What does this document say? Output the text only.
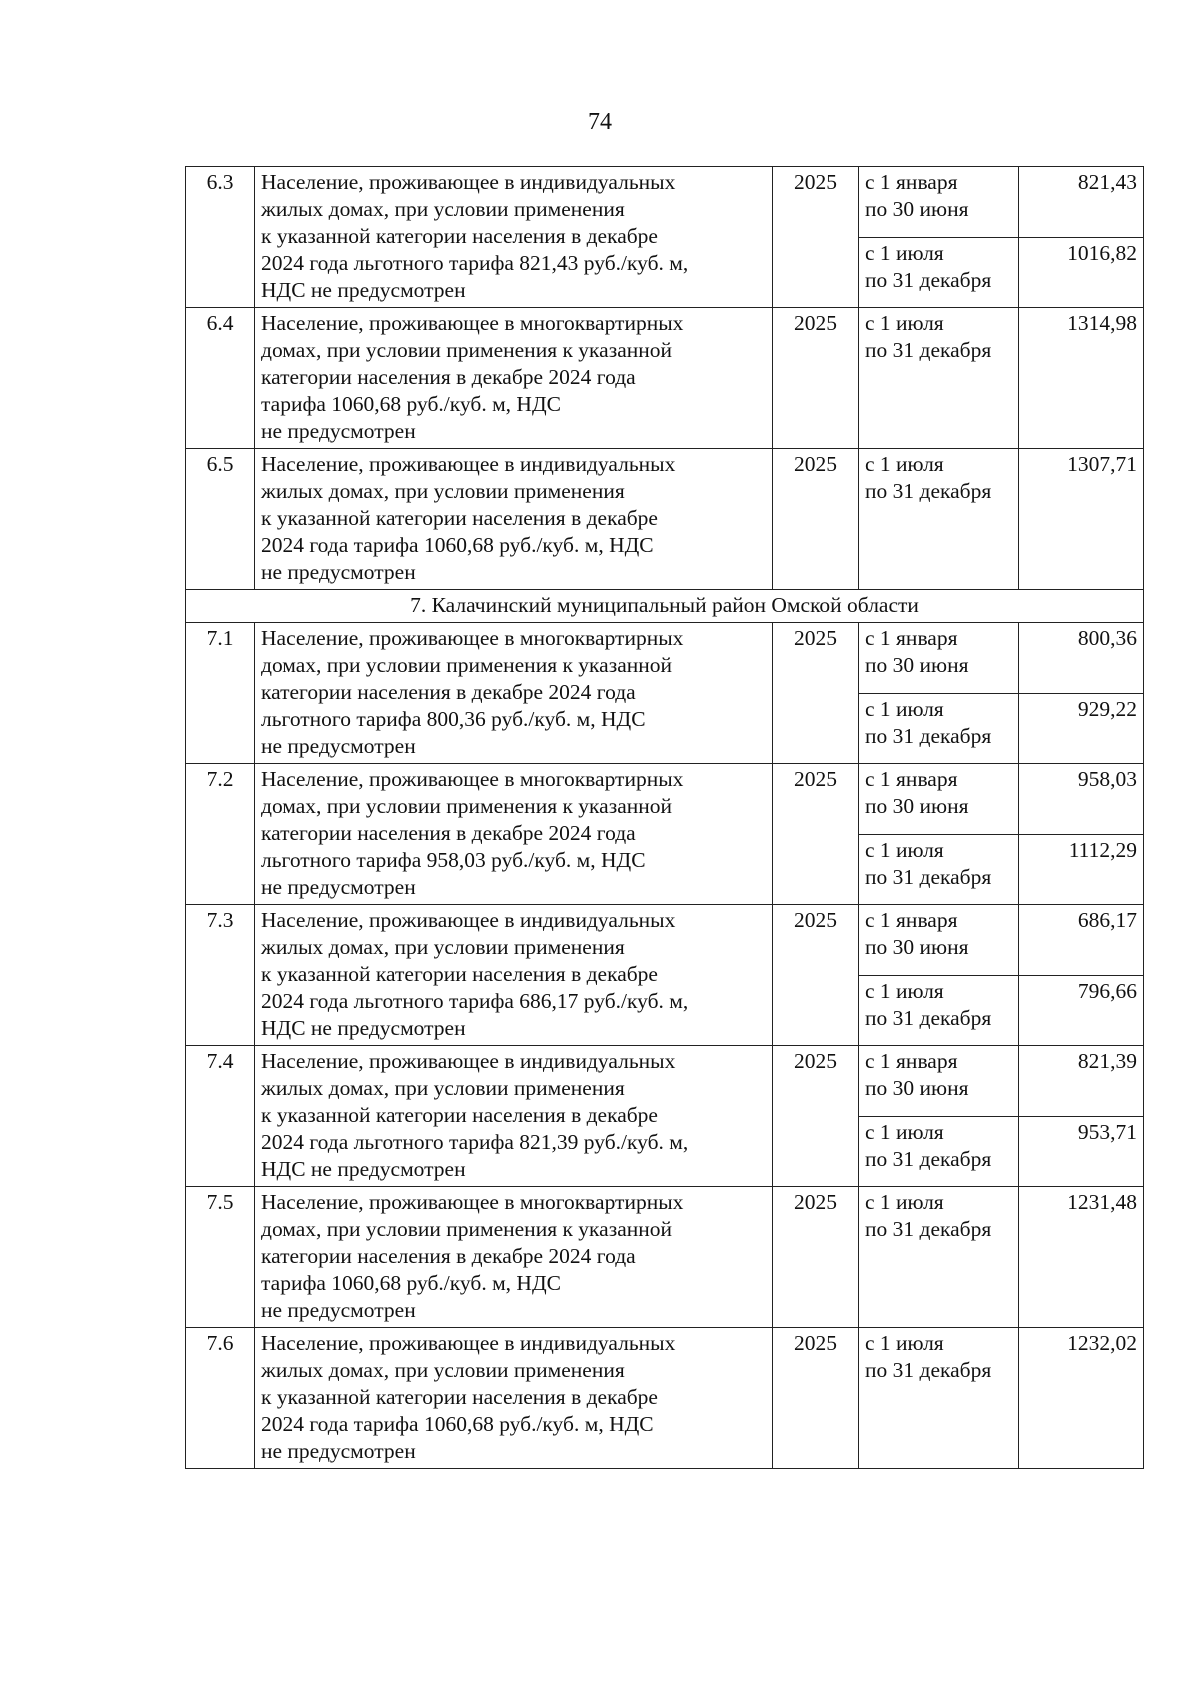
74
6.3	Население, проживающее в индивидуальных
жилых домах, при условии применения
к указанной категории населения в декабре
2024 года льготного тарифа 821,43 руб./куб. м,
НДС не предусмотрен	2025	с 1 января
по 30 июня	821,43
			с 1 июля
по 31 декабря	1016,82
6.4	Население, проживающее в многоквартирных
домах, при условии применения к указанной
категории населения в декабре 2024 года
тарифа 1060,68 руб./куб. м, НДС
не предусмотрен	2025	с 1 июля
по 31 декабря	1314,98
6.5	Население, проживающее в индивидуальных
жилых домах, при условии применения
к указанной категории населения в декабре
2024 года тарифа 1060,68 руб./куб. м, НДС
не предусмотрен	2025	с 1 июля
по 31 декабря	1307,71
7. Калачинский муниципальный район Омской области				
7.1	Население, проживающее в многоквартирных
домах, при условии применения к указанной
категории населения в декабре 2024 года
льготного тарифа 800,36 руб./куб. м, НДС
не предусмотрен	2025	с 1 января
по 30 июня	800,36
			с 1 июля
по 31 декабря	929,22
7.2	Население, проживающее в многоквартирных
домах, при условии применения к указанной
категории населения в декабре 2024 года
льготного тарифа 958,03 руб./куб. м, НДС
не предусмотрен	2025	с 1 января
по 30 июня	958,03
			с 1 июля
по 31 декабря	1112,29
7.3	Население, проживающее в индивидуальных
жилых домах, при условии применения
к указанной категории населения в декабре
2024 года льготного тарифа 686,17 руб./куб. м,
НДС не предусмотрен	2025	с 1 января
по 30 июня	686,17
			с 1 июля
по 31 декабря	796,66
7.4	Население, проживающее в индивидуальных
жилых домах, при условии применения
к указанной категории населения в декабре
2024 года льготного тарифа 821,39 руб./куб. м,
НДС не предусмотрен	2025	с 1 января
по 30 июня	821,39
			с 1 июля
по 31 декабря	953,71
7.5	Население, проживающее в многоквартирных
домах, при условии применения к указанной
категории населения в декабре 2024 года
тарифа 1060,68 руб./куб. м, НДС
не предусмотрен	2025	с 1 июля
по 31 декабря	1231,48
7.6	Население, проживающее в индивидуальных
жилых домах, при условии применения
к указанной категории населения в декабре
2024 года тарифа 1060,68 руб./куб. м, НДС
не предусмотрен	2025	с 1 июля
по 31 декабря	1232,02
